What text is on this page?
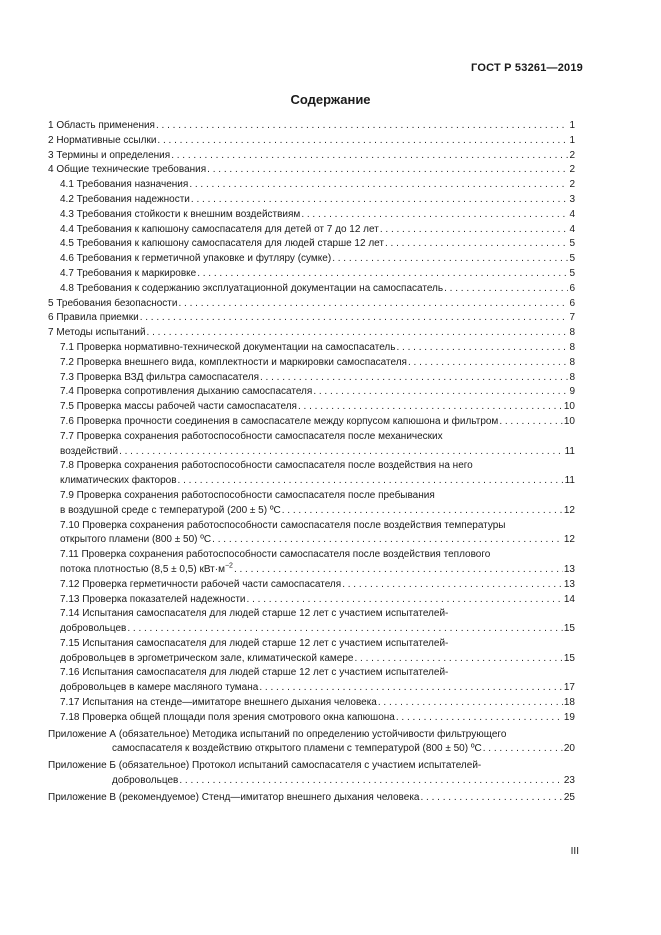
ГОСТ Р 53261—2019
Содержание
1 Область применения . . .	1
2 Нормативные ссылки . . .	1
3 Термины и определения . . .	2
4 Общие технические требования . . .	2
4.1 Требования назначения . . .	2
4.2 Требования надежности . . .	3
4.3 Требования стойкости к внешним воздействиям . . .	4
4.4 Требования к капюшону самоспасателя для детей от 7 до 12 лет . . .	4
4.5 Требования к капюшону самоспасателя для людей старше 12 лет . . .	5
4.6 Требования к герметичной упаковке и футляру (сумке) . . .	5
4.7 Требования к маркировке . . .	5
4.8 Требования к содержанию эксплуатационной документации на самоспасатель . . .	6
5 Требования безопасности . . .	6
6 Правила приемки . . .	7
7 Методы испытаний . . .	8
7.1 Проверка нормативно-технической документации на самоспасатель . . .	8
7.2 Проверка внешнего вида, комплектности и маркировки самоспасателя . . .	8
7.3 Проверка ВЗД фильтра самоспасателя . . .	8
7.4 Проверка сопротивления дыханию самоспасателя . . .	9
7.5 Проверка массы рабочей части самоспасателя . . .	10
7.6 Проверка прочности соединения в самоспасателе между корпусом капюшона и фильтром . . .	10
7.7 Проверка сохранения работоспособности самоспасателя после механических
воздействий . . .	11
7.8 Проверка сохранения работоспособности самоспасателя после воздействия на него
климатических факторов . . .	11
7.9 Проверка сохранения работоспособности самоспасателя после пребывания
в воздушной среде с температурой (200 ± 5) ºС . . .	12
7.10 Проверка сохранения работоспособности самоспасателя после воздействия температуры
открытого пламени (800 ± 50) ºС . . .	12
7.11 Проверка сохранения работоспособности самоспасателя после воздействия теплового
потока плотностью (8,5 ± 0,5) $кВт\cdot м^{-2}$ . . .	13
7.12 Проверка герметичности рабочей части самоспасателя . . .	13
7.13 Проверка показателей надежности . . .	14
7.14 Испытания самоспасателя для людей старше 12 лет с участием испытателей-
добровольцев . . .	15
7.15 Испытания самоспасателя для людей старше 12 лет с участием испытателей-
добровольцев в эргометрическом зале, климатической камере . . .	15
7.16 Испытания самоспасателя для людей старше 12 лет с участием испытателей-
добровольцев в камере масляного тумана . . .	17
7.17 Испытания на стенде—имитаторе внешнего дыхания человека . . .	18
7.18 Проверка общей площади поля зрения смотрового окна капюшона . . .	19
Приложение А (обязательное) Методика испытаний по определению устойчивости фильтрующего
самоспасателя к воздействию открытого пламени с температурой (800 ± 50) ºС . . .	20
Приложение Б (обязательное) Протокол испытаний самоспасателя с участием испытателей-
добровольцев . . .	23
Приложение В (рекомендуемое) Стенд—имитатор внешнего дыхания человека . . .	25
III
